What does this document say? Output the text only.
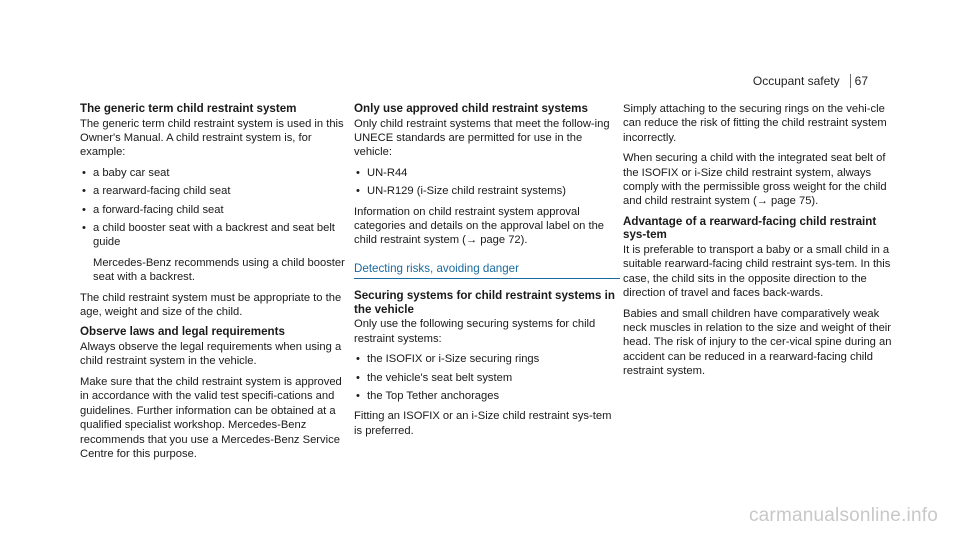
Occupant safety	67
The generic term child restraint system

The generic term child restraint system is used in this Owner's Manual. A child restraint system is, for example:

• a baby car seat
• a rearward-facing child seat
• a forward-facing child seat
• a child booster seat with a backrest and seat belt guide

Mercedes-Benz recommends using a child booster seat with a backrest.

The child restraint system must be appropriate to the age, weight and size of the child.

Observe laws and legal requirements

Always observe the legal requirements when using a child restraint system in the vehicle.

Make sure that the child restraint system is approved in accordance with the valid test specifi-cations and guidelines. Further information can be obtained at a qualified specialist workshop. Mercedes-Benz recommends that you use a Mercedes-Benz Service Centre for this purpose.

Only use approved child restraint systems

Only child restraint systems that meet the follow-ing UNECE standards are permitted for use in the vehicle:

• UN-R44
• UN-R129 (i-Size child restraint systems)

Information on child restraint system approval categories and details on the approval label on the child restraint system (→ page 72).

Detecting risks, avoiding danger
Securing systems for child restraint systems in the vehicle

Only use the following securing systems for child restraint systems:

• the ISOFIX or i-Size securing rings
• the vehicle's seat belt system
• the Top Tether anchorages

Fitting an ISOFIX or an i-Size child restraint sys-tem is preferred.

Simply attaching to the securing rings on the vehi-cle can reduce the risk of fitting the child restraint system incorrectly.

When securing a child with the integrated seat belt of the ISOFIX or i-Size child restraint system, always comply with the permissible gross weight for the child and child restraint system (→ page 75).

Advantage of a rearward-facing child restraint sys-tem

It is preferable to transport a baby or a small child in a suitable rearward-facing child restraint sys-tem. In this case, the child sits in the opposite direction to the direction of travel and faces back-wards.

Babies and small children have comparatively weak neck muscles in relation to the size and weight of their head. The risk of injury to the cer-vical spine during an accident can be reduced in a rearward-facing child restraint system.

carmanualsonline.info
